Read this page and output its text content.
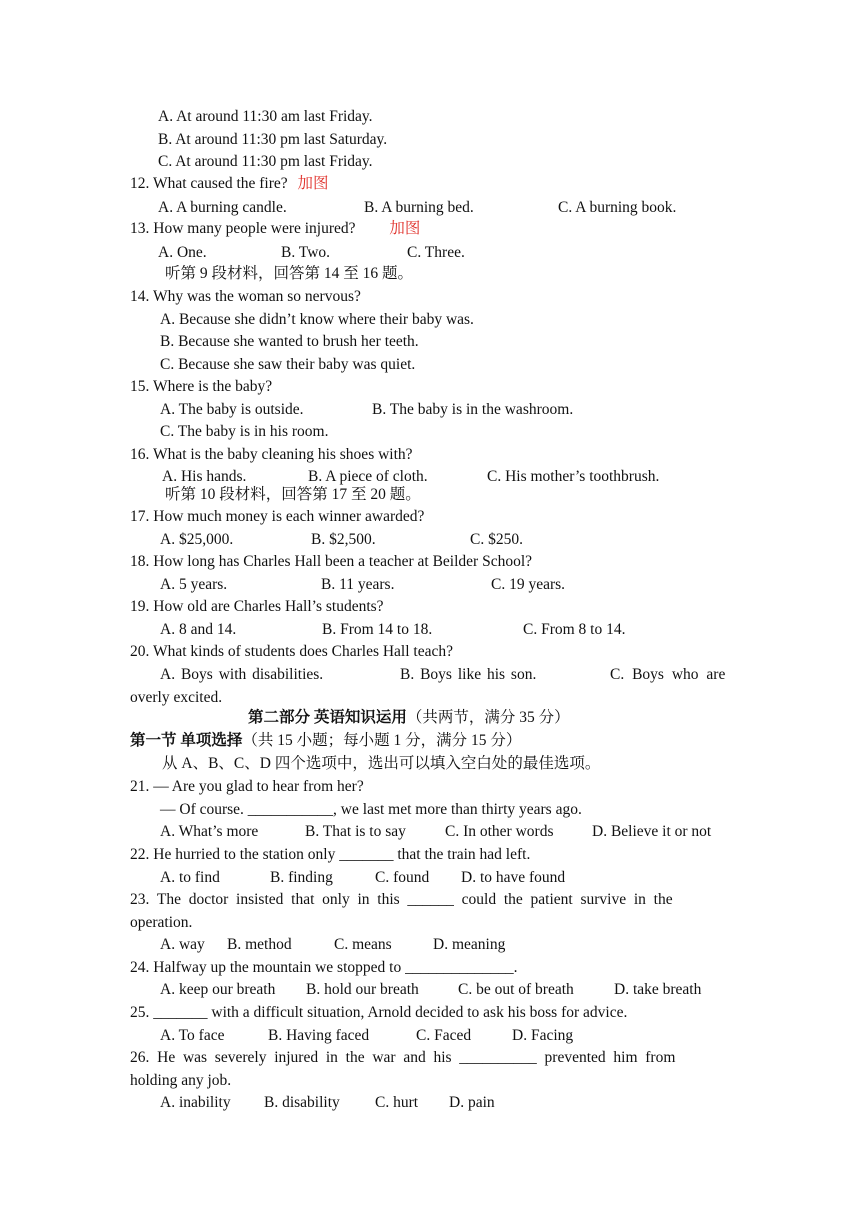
A. At around 11:30 am last Friday.
B. At around 11:30 pm last Saturday.
C. At around 11:30 pm last Friday.
12. What caused the fire? 加图
A. A burning candle.	B. A burning bed.	C. A burning book.
13. How many people were injured? 加图
A. One.	B. Two.	C. Three.
听第 9 段材料，回答第 14 至 16 题。
14. Why was the woman so nervous?
A. Because she didn’t know where their baby was.
B. Because she wanted to brush her teeth.
C. Because she saw their baby was quiet.
15. Where is the baby?
A. The baby is outside.	B. The baby is in the washroom.
C. The baby is in his room.
16. What is the baby cleaning his shoes with?
A. His hands.	B. A piece of cloth.	C. His mother’s toothbrush.
听第 10 段材料，回答第 17 至 20 题。
17. How much money is each winner awarded?
A. $25,000.	B. $2,500.	C. $250.
18. How long has Charles Hall been a teacher at Beilder School?
A. 5 years.	B. 11 years.	C. 19 years.
19. How old are Charles Hall’s students?
A. 8 and 14.	B. From 14 to 18.	C. From 8 to 14.
20. What kinds of students does Charles Hall teach?
A. Boys with disabilities.	B. Boys like his son.	C. Boys who are
overly excited.
第二部分 英语知识运用（共两节，满分 35 分）
第一节 单项选择（共 15 小题；每小题 1 分，满分 15 分）
从 A、B、C、D 四个选项中，选出可以填入空白处的最佳选项。
21. — Are you glad to hear from her?
— Of course. ___________, we last met more than thirty years ago.
A. What’s more	B. That is to say	C. In other words D. Believe it or not
22. He hurried to the station only _______ that the train had left.
A. to find	B. finding	C. found D. to have found
23.  The  doctor  insisted  that  only  in  this  ______  could  the  patient  survive  in  the
operation.
A. way B. method	C. means	D. meaning
24. Halfway up the mountain we stopped to ______________.
A. keep our breath B. hold our breath	C. be out of breath	D. take breath
25. _______ with a difficult situation, Arnold decided to ask his boss for advice.
A. To face	B. Having faced	C. Faced	D. Facing
26.  He  was  severely  injured  in  the  war  and  his  __________  prevented  him  from
holding any job.
A. inability B. disability C. hurt D. pain
